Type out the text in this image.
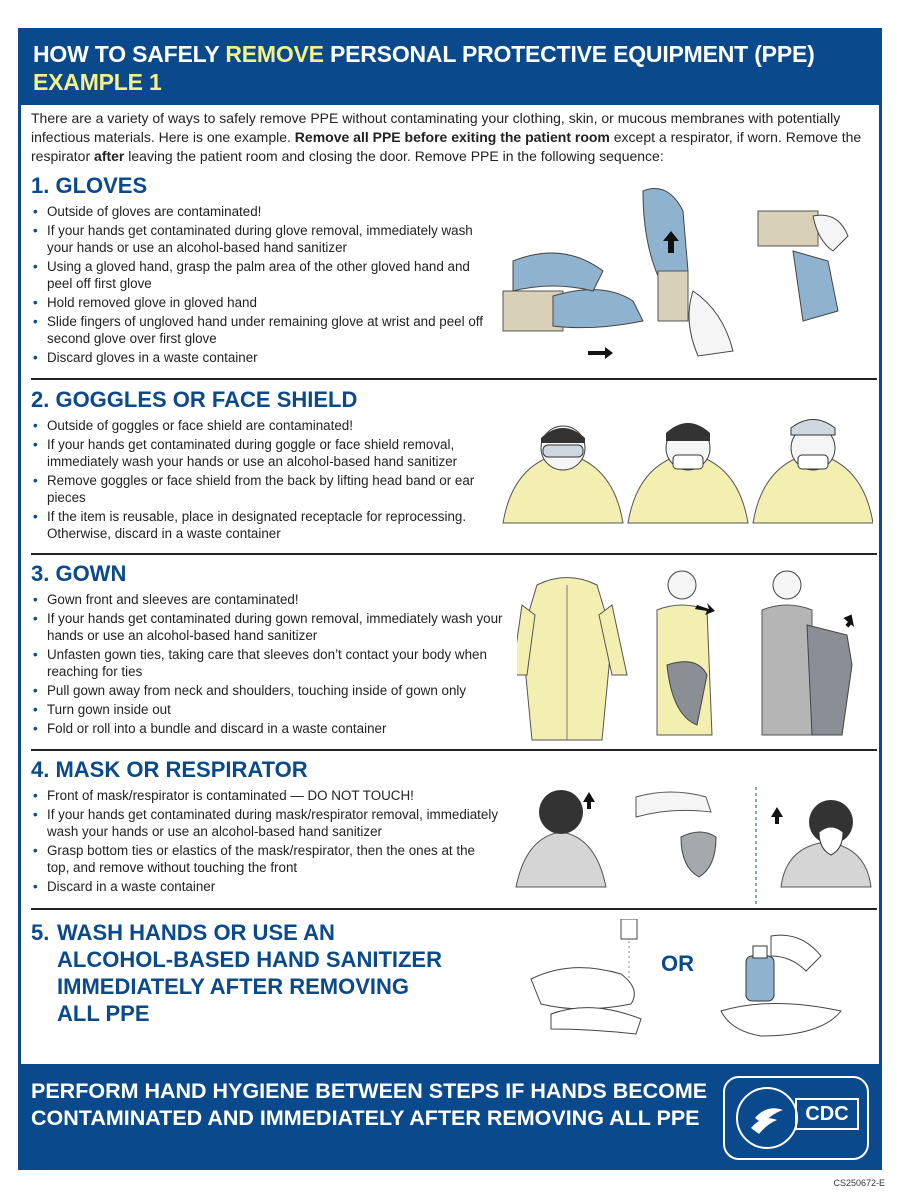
HOW TO SAFELY REMOVE PERSONAL PROTECTIVE EQUIPMENT (PPE)
EXAMPLE 1
There are a variety of ways to safely remove PPE without contaminating your clothing, skin, or mucous membranes with potentially infectious materials. Here is one example. Remove all PPE before exiting the patient room except a respirator, if worn. Remove the respirator after leaving the patient room and closing the door. Remove PPE in the following sequence:
1. GLOVES
• Outside of gloves are contaminated!
• If your hands get contaminated during glove removal, immediately wash your hands or use an alcohol-based hand sanitizer
• Using a gloved hand, grasp the palm area of the other gloved hand and peel off first glove
• Hold removed glove in gloved hand
• Slide fingers of ungloved hand under remaining glove at wrist and peel off second glove over first glove
• Discard gloves in a waste container
2. GOGGLES OR FACE SHIELD
• Outside of goggles or face shield are contaminated!
• If your hands get contaminated during goggle or face shield removal, immediately wash your hands or use an alcohol-based hand sanitizer
• Remove goggles or face shield from the back by lifting head band or ear pieces
• If the item is reusable, place in designated receptacle for reprocessing. Otherwise, discard in a waste container
3. GOWN
• Gown front and sleeves are contaminated!
• If your hands get contaminated during gown removal, immediately wash your hands or use an alcohol-based hand sanitizer
• Unfasten gown ties, taking care that sleeves don’t contact your body when reaching for ties
• Pull gown away from neck and shoulders, touching inside of gown only
• Turn gown inside out
• Fold or roll into a bundle and discard in a waste container
4. MASK OR RESPIRATOR
• Front of mask/respirator is contaminated — DO NOT TOUCH!
• If your hands get contaminated during mask/respirator removal, immediately wash your hands or use an alcohol-based hand sanitizer
• Grasp bottom ties or elastics of the mask/respirator, then the ones at the top, and remove without touching the front
• Discard in a waste container
5. WASH HANDS OR USE AN
ALCOHOL-BASED HAND SANITIZER
IMMEDIATELY AFTER REMOVING
ALL PPE
OR
PERFORM HAND HYGIENE BETWEEN STEPS IF HANDS BECOME CONTAMINATED AND IMMEDIATELY AFTER REMOVING ALL PPE	CDC
CS250672-E
